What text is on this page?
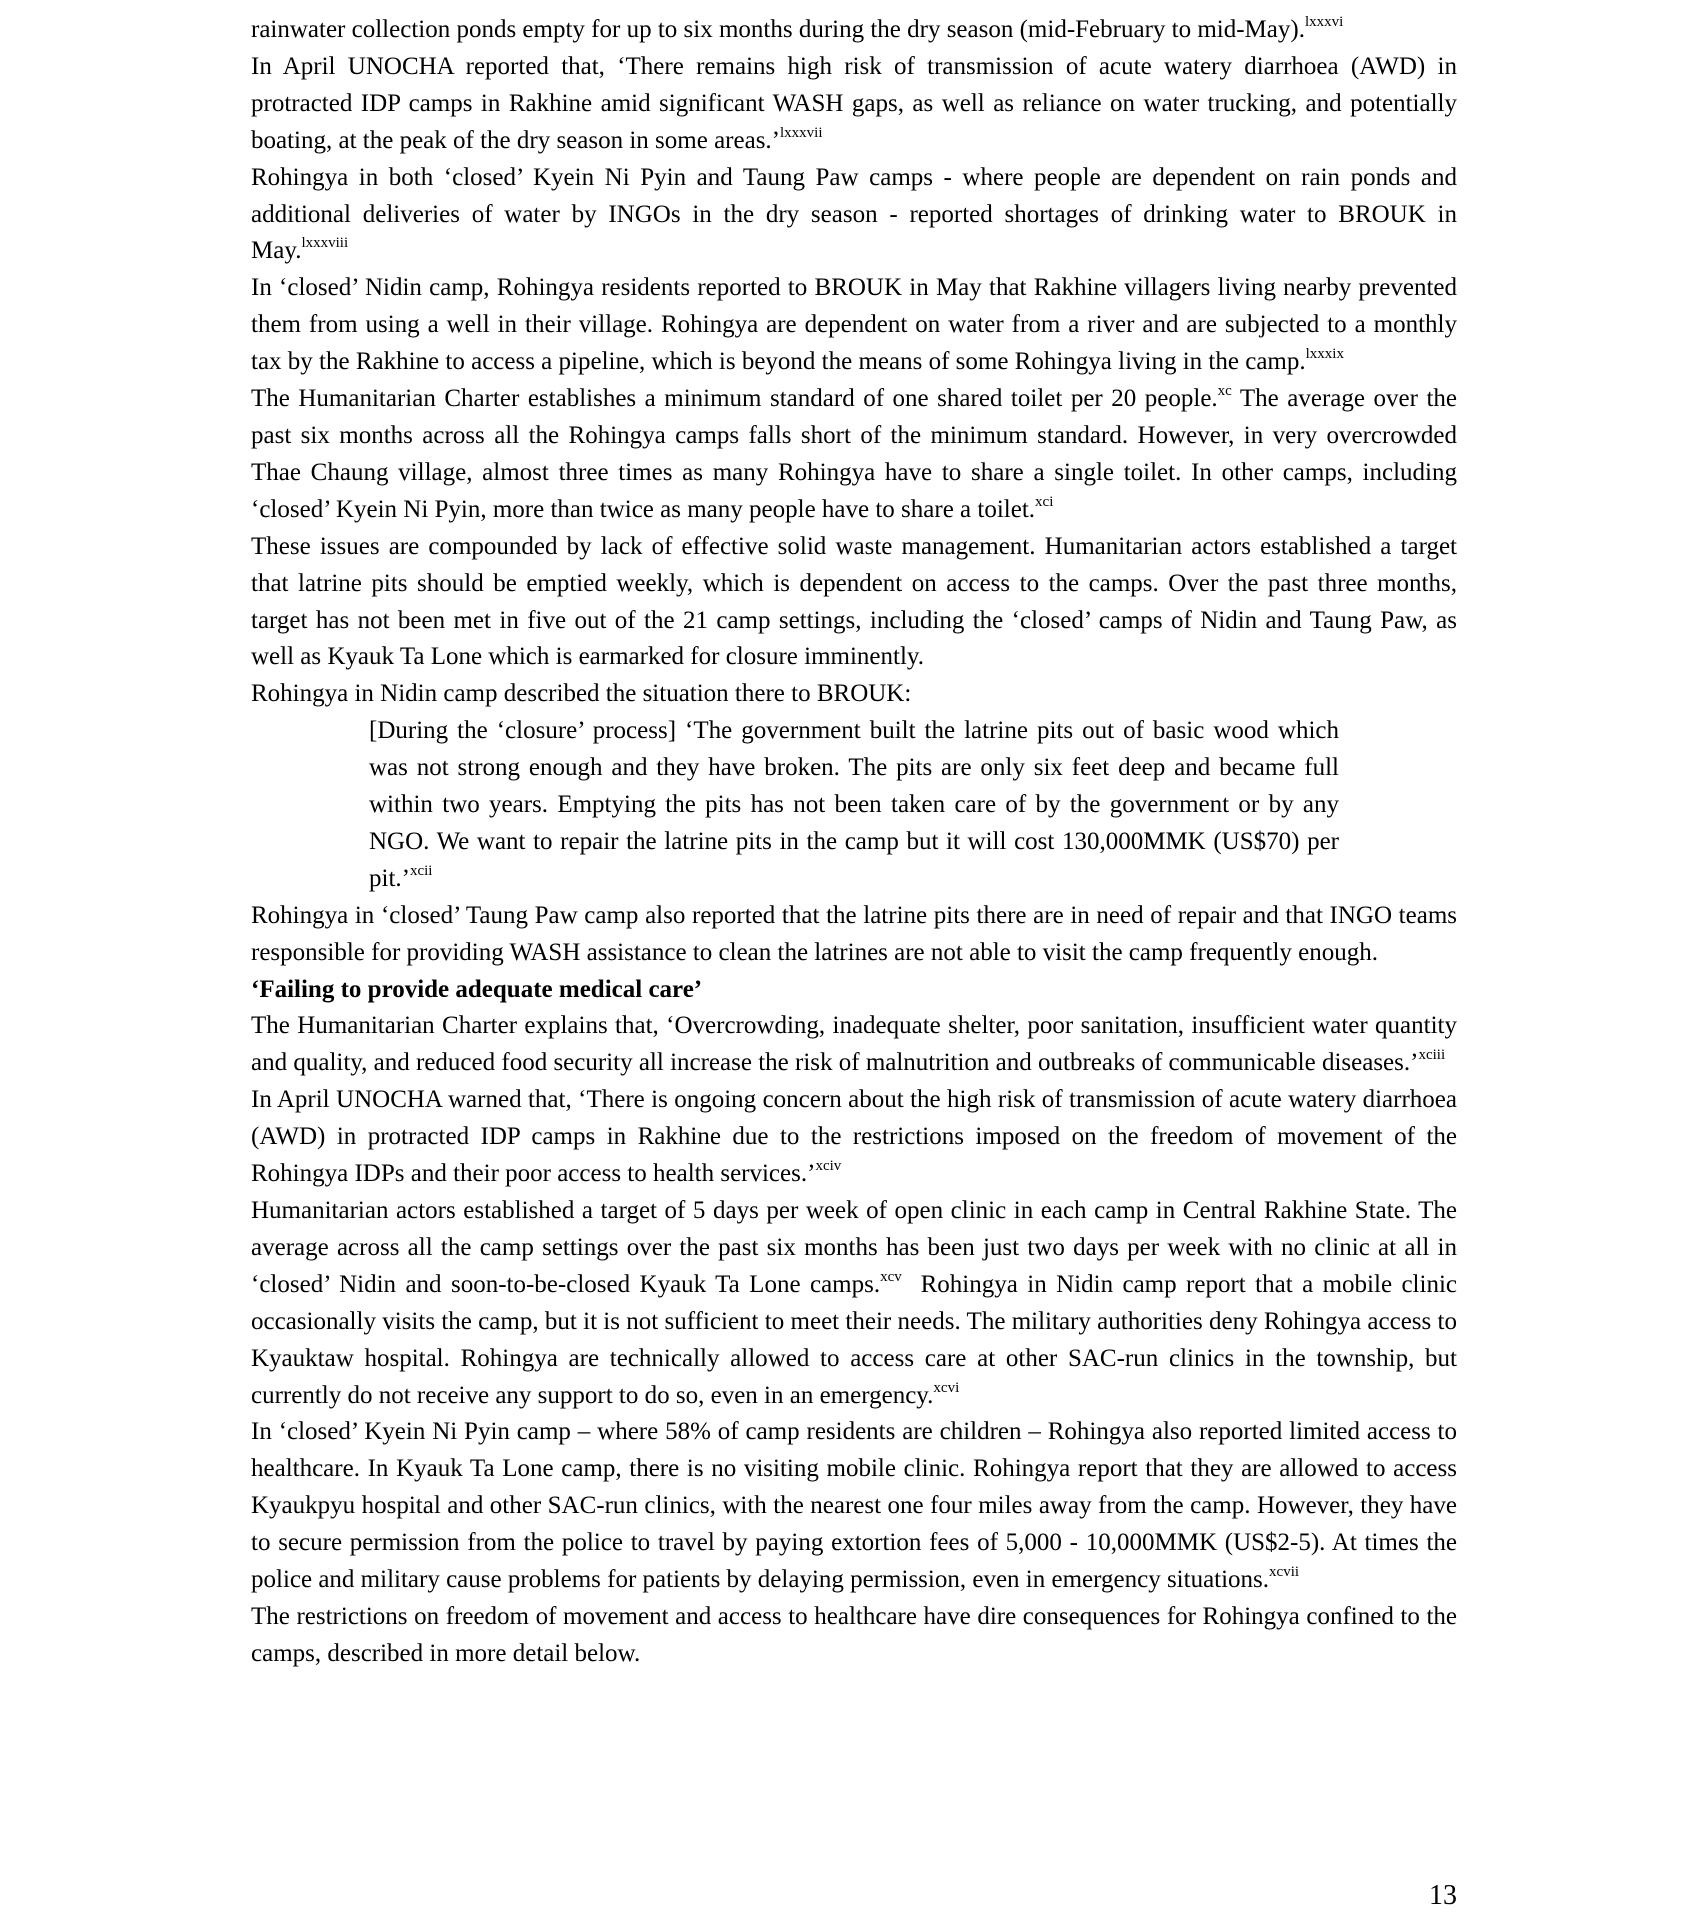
rainwater collection ponds empty for up to six months during the dry season (mid-February to mid-May).$^{lxxxvi}$

In April UNOCHA reported that, ‘There remains high risk of transmission of acute watery diarrhoea (AWD) in protracted IDP camps in Rakhine amid significant WASH gaps, as well as reliance on water trucking, and potentially boating, at the peak of the dry season in some areas.’$^{lxxxvii}$

Rohingya in both ‘closed’ Kyein Ni Pyin and Taung Paw camps - where people are dependent on rain ponds and additional deliveries of water by INGOs in the dry season - reported shortages of drinking water to BROUK in May.$^{lxxxviii}$

In ‘closed’ Nidin camp, Rohingya residents reported to BROUK in May that Rakhine villagers living nearby prevented them from using a well in their village. Rohingya are dependent on water from a river and are subjected to a monthly tax by the Rakhine to access a pipeline, which is beyond the means of some Rohingya living in the camp.$^{lxxxix}$

The Humanitarian Charter establishes a minimum standard of one shared toilet per 20 people.$^{xc}$ The average over the past six months across all the Rohingya camps falls short of the minimum standard. However, in very overcrowded Thae Chaung village, almost three times as many Rohingya have to share a single toilet. In other camps, including ‘closed’ Kyein Ni Pyin, more than twice as many people have to share a toilet.$^{xci}$

These issues are compounded by lack of effective solid waste management. Humanitarian actors established a target that latrine pits should be emptied weekly, which is dependent on access to the camps. Over the past three months, target has not been met in five out of the 21 camp settings, including the ‘closed’ camps of Nidin and Taung Paw, as well as Kyauk Ta Lone which is earmarked for closure imminently.

Rohingya in Nidin camp described the situation there to BROUK:

[During the ‘closure’ process] ‘The government built the latrine pits out of basic wood which was not strong enough and they have broken. The pits are only six feet deep and became full within two years. Emptying the pits has not been taken care of by the government or by any NGO. We want to repair the latrine pits in the camp but it will cost 130,000MMK (US$70) per pit.’$^{xcii}$

Rohingya in ‘closed’ Taung Paw camp also reported that the latrine pits there are in need of repair and that INGO teams responsible for providing WASH assistance to clean the latrines are not able to visit the camp frequently enough.

‘Failing to provide adequate medical care’

The Humanitarian Charter explains that, ‘Overcrowding, inadequate shelter, poor sanitation, insufficient water quantity and quality, and reduced food security all increase the risk of malnutrition and outbreaks of communicable diseases.’$^{xciii}$

In April UNOCHA warned that, ‘There is ongoing concern about the high risk of transmission of acute watery diarrhoea (AWD) in protracted IDP camps in Rakhine due to the restrictions imposed on the freedom of movement of the Rohingya IDPs and their poor access to health services.’$^{xciv}$

Humanitarian actors established a target of 5 days per week of open clinic in each camp in Central Rakhine State. The average across all the camp settings over the past six months has been just two days per week with no clinic at all in ‘closed’ Nidin and soon-to-be-closed Kyauk Ta Lone camps.$^{xcv}$  Rohingya in Nidin camp report that a mobile clinic occasionally visits the camp, but it is not sufficient to meet their needs. The military authorities deny Rohingya access to Kyauktaw hospital. Rohingya are technically allowed to access care at other SAC-run clinics in the township, but currently do not receive any support to do so, even in an emergency.$^{xcvi}$

In ‘closed’ Kyein Ni Pyin camp – where 58% of camp residents are children – Rohingya also reported limited access to healthcare. In Kyauk Ta Lone camp, there is no visiting mobile clinic. Rohingya report that they are allowed to access Kyaukpyu hospital and other SAC-run clinics, with the nearest one four miles away from the camp. However, they have to secure permission from the police to travel by paying extortion fees of 5,000 - 10,000MMK (US$2-5). At times the police and military cause problems for patients by delaying permission, even in emergency situations.$^{xcvii}$

The restrictions on freedom of movement and access to healthcare have dire consequences for Rohingya confined to the camps, described in more detail below.

13
